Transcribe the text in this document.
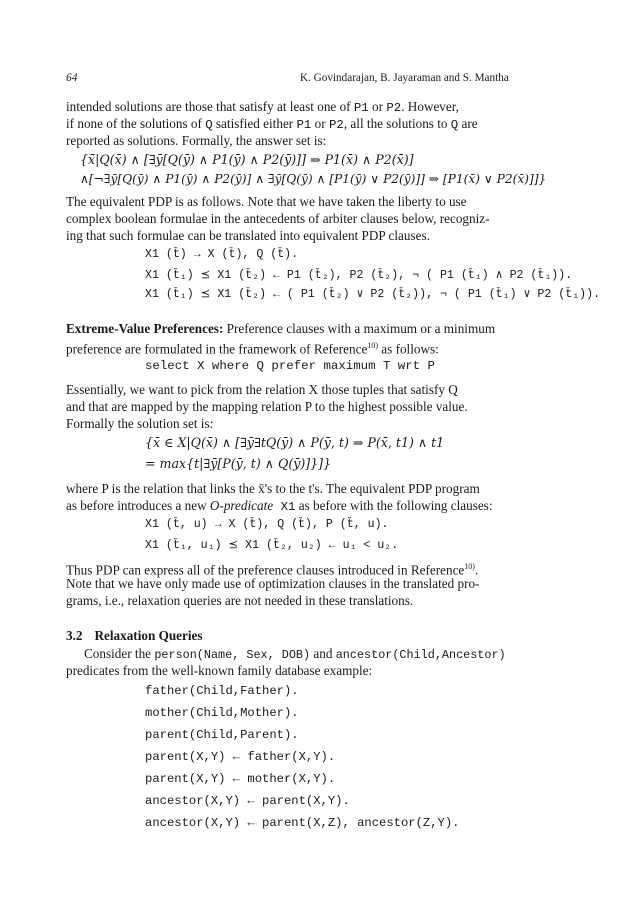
64	K. Govindarajan, B. Jayaraman and S. Mantha
intended solutions are those that satisfy at least one of P1 or P2. However,
if none of the solutions of Q satisfied either P1 or P2, all the solutions to Q are
reported as solutions. Formally, the answer set is:
{x̄|Q(x̄) ∧ [∃ȳ[Q(ȳ) ∧ P1(ȳ) ∧ P2(ȳ)]] ⇒ P1(x̄) ∧ P2(x̄)]
∧[¬∃ȳ[Q(ȳ) ∧ P1(ȳ) ∧ P2(ȳ)] ∧ ∃ȳ[Q(ȳ) ∧ [P1(ȳ) ∨ P2(ȳ)]] ⇒ [P1(x̄) ∨ P2(x̄)]]}
The equivalent PDP is as follows. Note that we have taken the liberty to use
complex boolean formulae in the antecedents of arbiter clauses below, recogniz-
ing that such formulae can be translated into equivalent PDP clauses.
X1 (t̄) → X (t̄), Q (t̄).
X1 (t̄₁) ⪯ X1 (t̄₂) ← P1 (t̄₂), P2 (t̄₂), ¬ ( P1 (t̄₁) ∧ P2 (t̄₁)).
X1 (t̄₁) ⪯ X1 (t̄₂) ← ( P1 (t̄₂) ∨ P2 (t̄₂)), ¬ ( P1 (t̄₁) ∨ P2 (t̄₁)).
Extreme-Value Preferences: Preference clauses with a maximum or a minimum
preference are formulated in the framework of Reference$^{10)}$ as follows:
select X where Q prefer maximum T wrt P
Essentially, we want to pick from the relation X those tuples that satisfy Q
and that are mapped by the mapping relation P to the highest possible value.
Formally the solution set is:
{x̄ ∈ X|Q(x̄) ∧ [∃ȳ∃tQ(ȳ) ∧ P(ȳ, t) ⇒ P(x̄, t1) ∧ t1
= max{t|∃ȳ[P(ȳ, t) ∧ Q(ȳ)]}]}
where P is the relation that links the x̄'s to the t's. The equivalent PDP program
as before introduces a new O-predicate X1 as before with the following clauses:
X1 (t̄, u) → X (t̄), Q (t̄), P (t̄, u).
X1 (t̄₁, u₁) ⪯ X1 (t̄₂, u₂) ← u₁ < u₂.
Thus PDP can express all of the preference clauses introduced in Reference$^{10)}$.
Note that we have only made use of optimization clauses in the translated pro-
grams, i.e., relaxation queries are not needed in these translations.
3.2 Relaxation Queries
Consider the person(Name, Sex, DOB) and ancestor(Child,Ancestor)
predicates from the well-known family database example:
father(Child,Father).
mother(Child,Mother).
parent(Child,Parent).
parent(X,Y) ← father(X,Y).
parent(X,Y) ← mother(X,Y).
ancestor(X,Y) ← parent(X,Y).
ancestor(X,Y) ← parent(X,Z), ancestor(Z,Y).
